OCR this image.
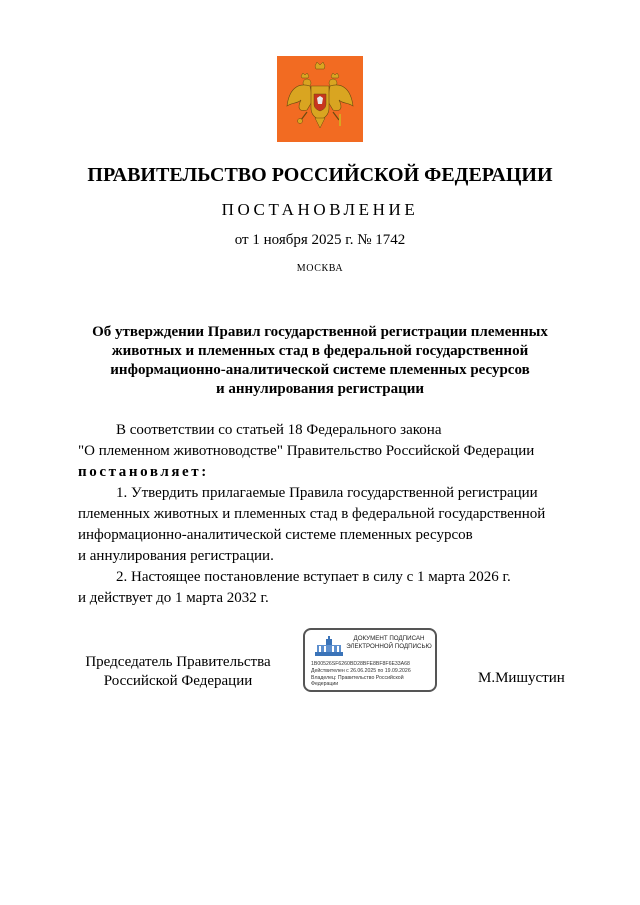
ПРАВИТЕЛЬСТВО РОССИЙСКОЙ ФЕДЕРАЦИИ
ПОСТАНОВЛЕНИЕ
от 1 ноября 2025 г. № 1742
МОСКВА
Об утверждении Правил государственной регистрации племенных
животных и племенных стад в федеральной государственной
информационно-аналитической системе племенных ресурсов
и аннулирования регистрации

В соответствии со статьей 18 Федерального закона

"О племенном животноводстве" Правительство Российской Федерации

постановляет:

1. Утвердить прилагаемые Правила государственной регистрации

племенных животных и племенных стад в федеральной государственной

информационно-аналитической системе племенных ресурсов

и аннулирования регистрации.

2. Настоящее постановление вступает в силу с 1 марта 2026 г.

и действует до 1 марта 2032 г.

Председатель Правительства
Российской Федерации
ДОКУМЕНТ ПОДПИСАН
ЭЛЕКТРОННОЙ ПОДПИСЬЮ
1B00526SF6260BD28BFE8BF8F6E33A68
Действителен с 26.06.2025 по 19.09.2026
Владелец: Правительство Российской
Федерации	М.Мишустин
